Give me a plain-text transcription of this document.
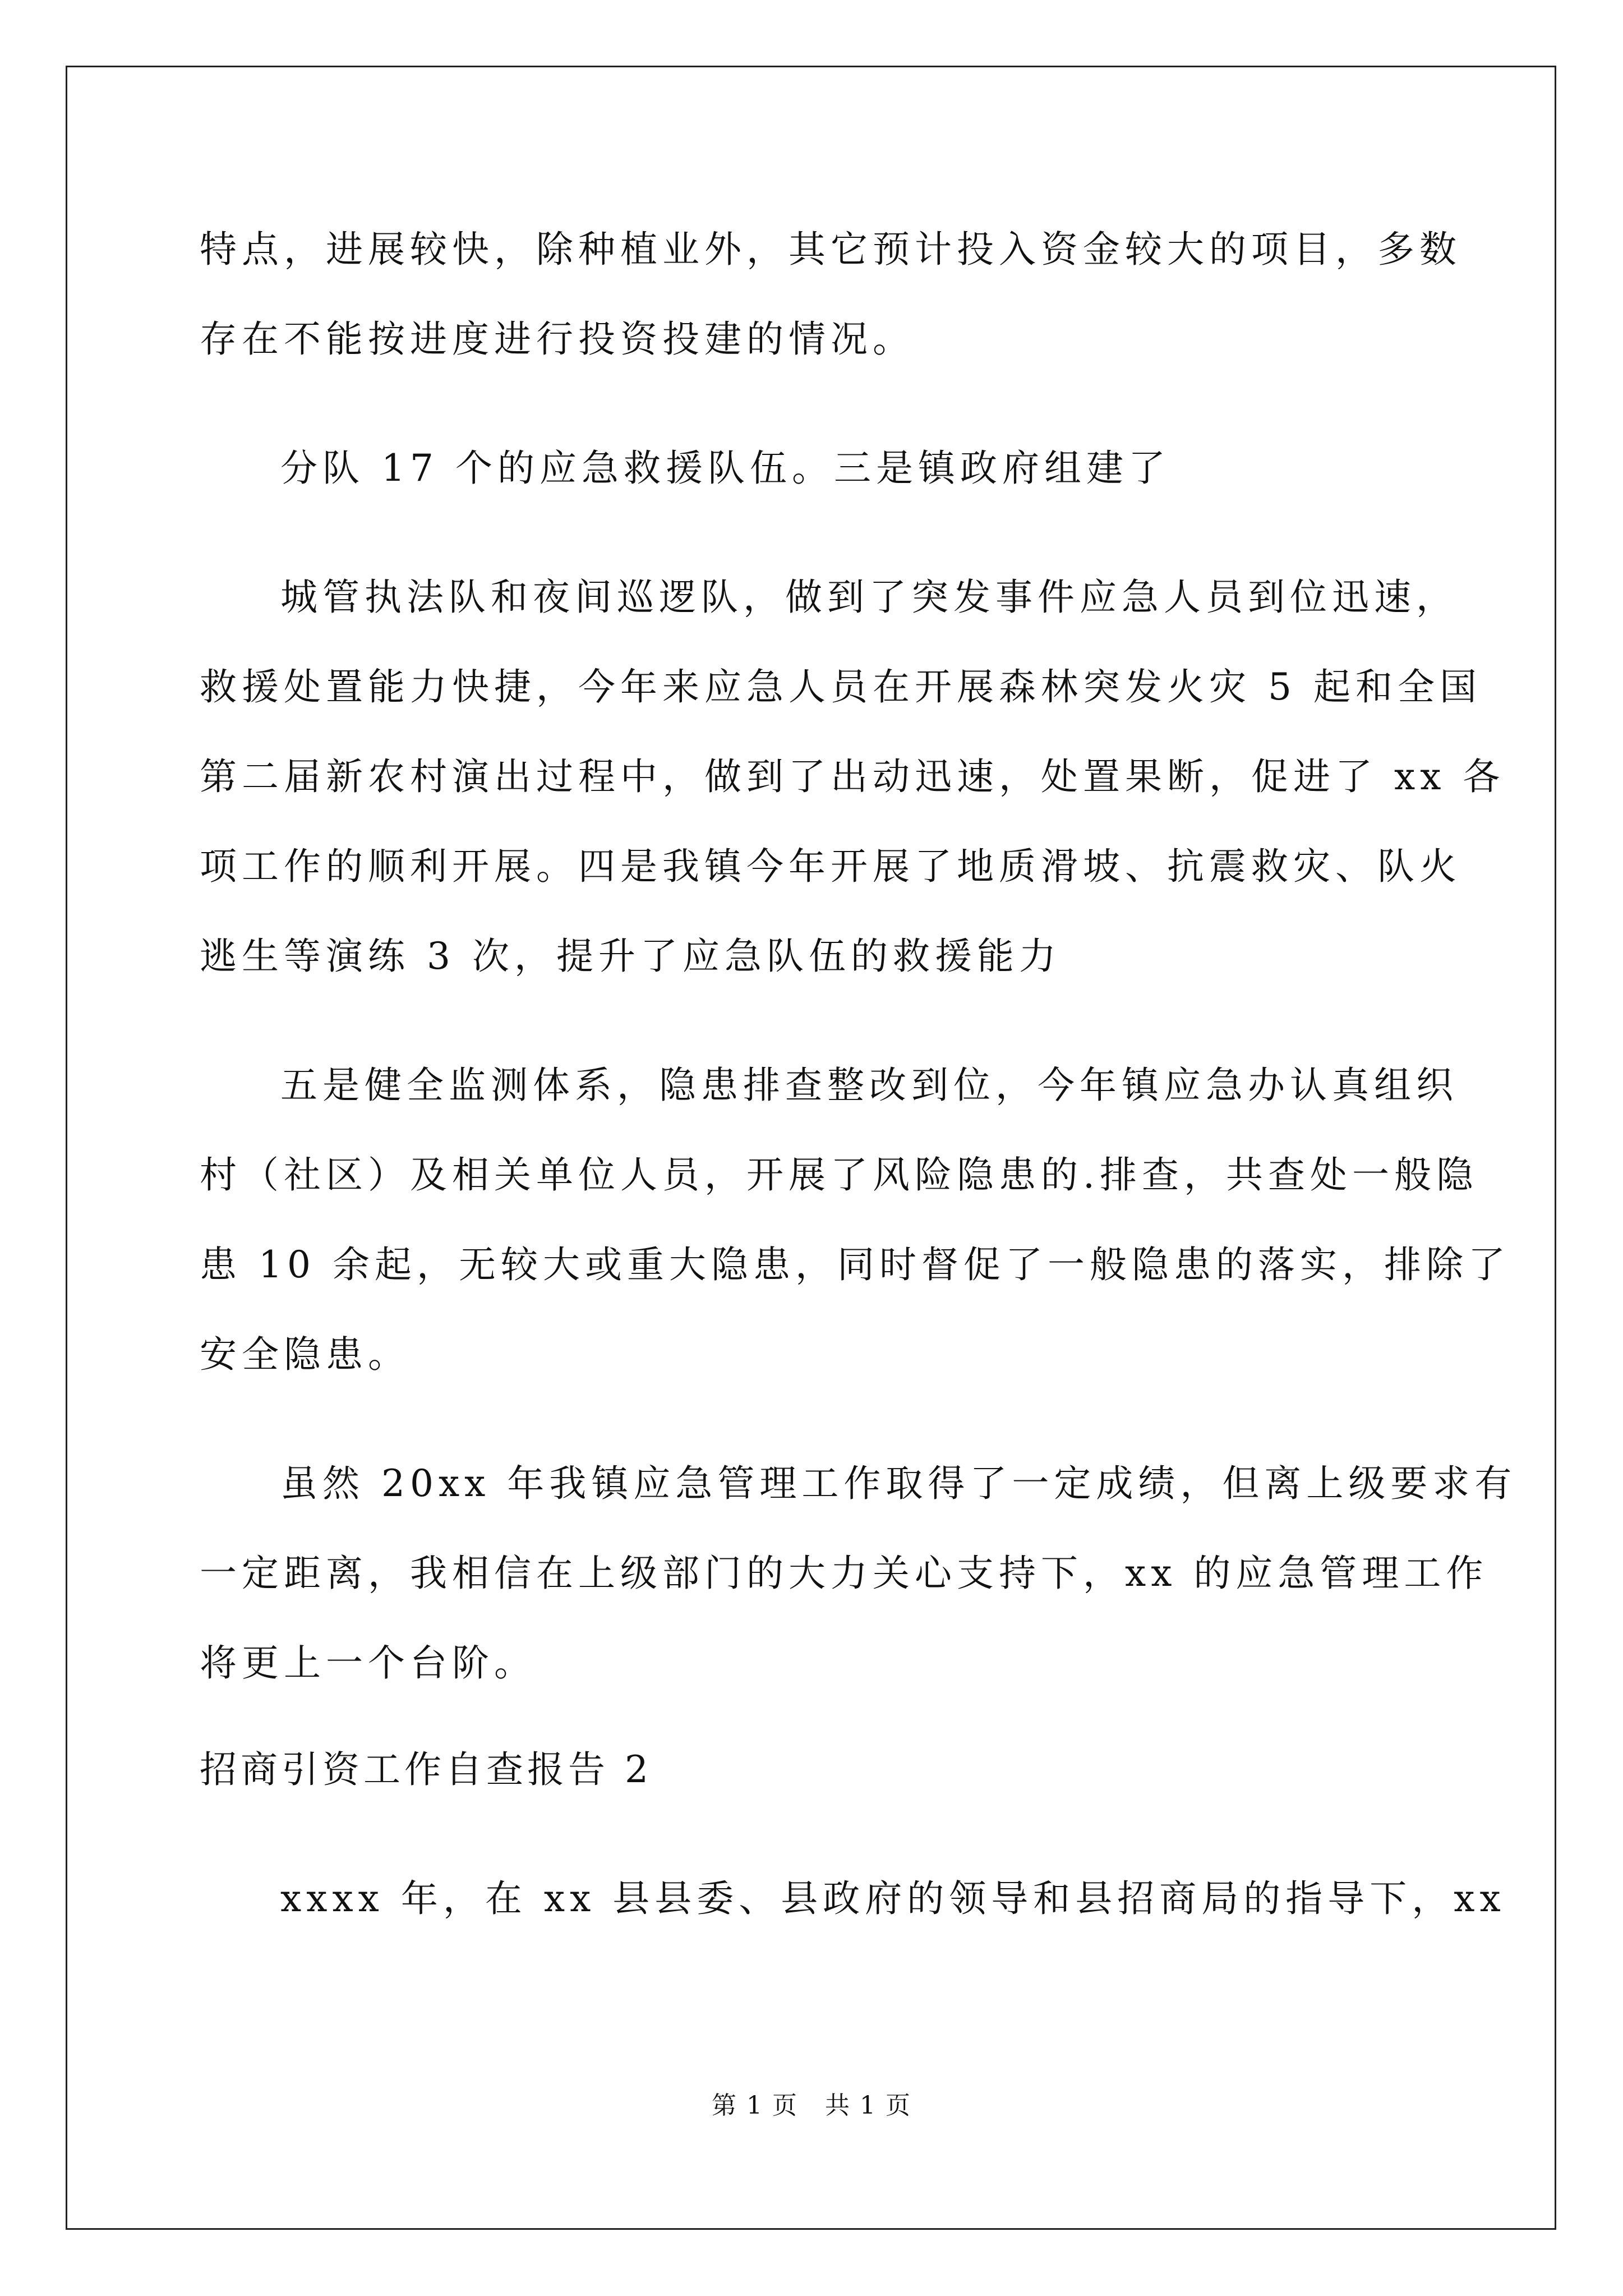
特点，进展较快，除种植业外，其它预计投入资金较大的项目，多数
存在不能按进度进行投资投建的情况。
分队 17 个的应急救援队伍。三是镇政府组建了
城管执法队和夜间巡逻队，做到了突发事件应急人员到位迅速，
救援处置能力快捷，今年来应急人员在开展森林突发火灾 5 起和全国
第二届新农村演出过程中，做到了出动迅速，处置果断，促进了 xx 各
项工作的顺利开展。四是我镇今年开展了地质滑坡、抗震救灾、队火
逃生等演练 3 次，提升了应急队伍的救援能力
五是健全监测体系，隐患排查整改到位，今年镇应急办认真组织
村（社区）及相关单位人员，开展了风险隐患的.排查，共查处一般隐
患 10 余起，无较大或重大隐患，同时督促了一般隐患的落实，排除了
安全隐患。
虽然 20xx 年我镇应急管理工作取得了一定成绩，但离上级要求有
一定距离，我相信在上级部门的大力关心支持下，xx 的应急管理工作
将更上一个台阶。
招商引资工作自查报告 2
xxxx 年，在 xx 县县委、县政府的领导和县招商局的指导下，xx
第 1 页   共 1 页
